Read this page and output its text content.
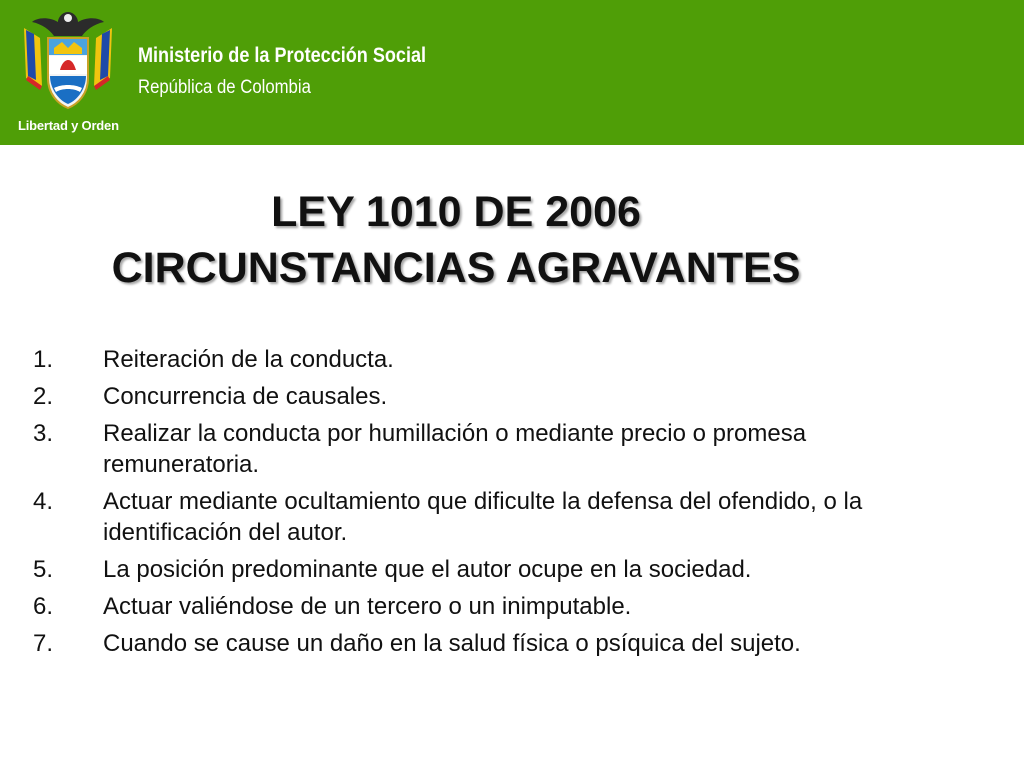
Libertad y Orden
Ministerio de la Protección Social
República de Colombia
LEY 1010 DE 2006
CIRCUNSTANCIAS AGRAVANTES
1. Reiteración de la conducta.
2. Concurrencia de causales.
3. Realizar la conducta por humillación o mediante precio o promesa remuneratoria.
4. Actuar mediante ocultamiento que dificulte la defensa del ofendido, o la identificación del autor.
5. La posición predominante que el autor ocupe en la sociedad.
6. Actuar valiéndose de un tercero o un inimputable.
7. Cuando se cause un daño en la salud física o psíquica del sujeto.
